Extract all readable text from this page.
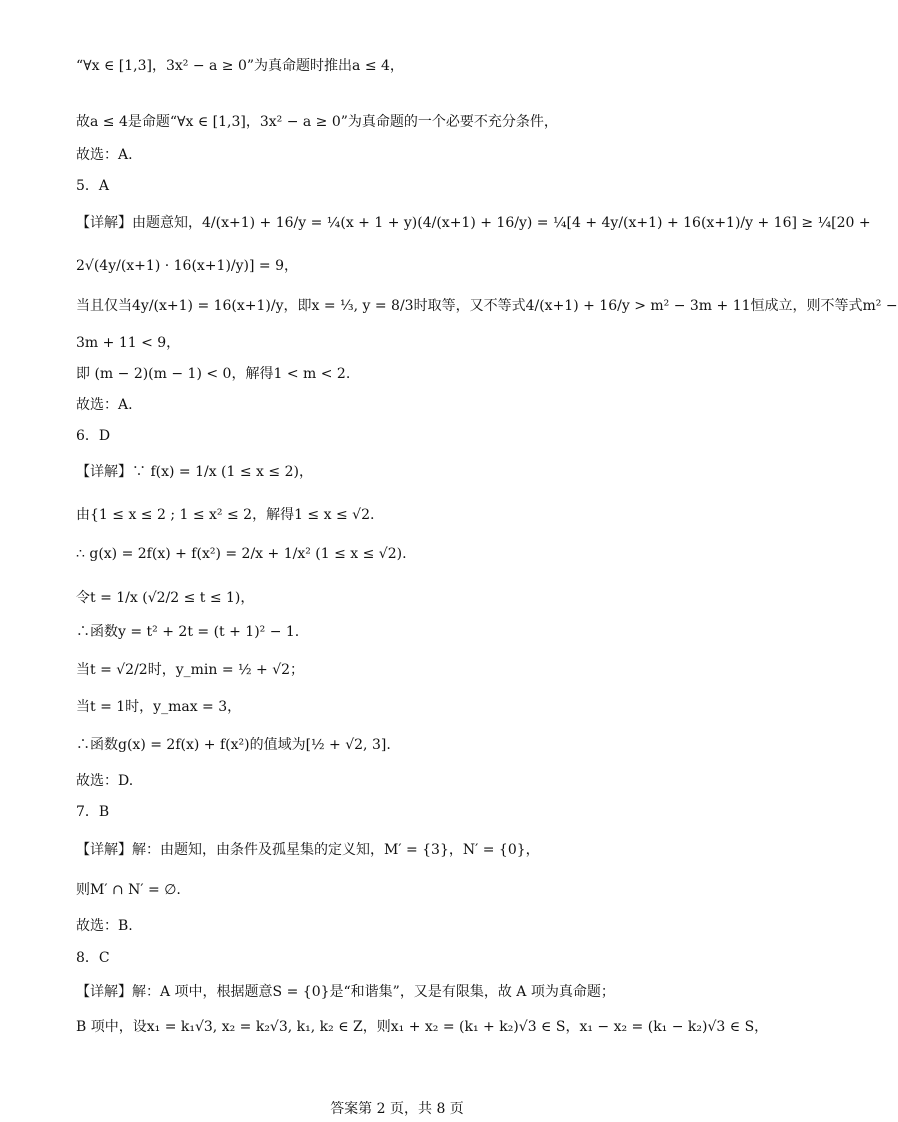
“∀x ∈ [1,3]，3x² − a ≥ 0”为真命题时推出a ≤ 4，
故a ≤ 4是命题“∀x ∈ [1,3]，3x² − a ≥ 0”为真命题的一个必要不充分条件，
故选：A.
5．A
【详解】由题意知，4/(x+1) + 16/y = ¼(x + 1 + y)(4/(x+1) + 16/y) = ¼[4 + 4y/(x+1) + 16(x+1)/y + 16] ≥ ¼[20 +
2√(4y/(x+1) · 16(x+1)/y)] = 9，
当且仅当4y/(x+1) = 16(x+1)/y，即x = ⅓, y = 8/3时取等，又不等式4/(x+1) + 16/y > m² − 3m + 11恒成立，则不等式m² −
3m + 11 < 9，
即 (m − 2)(m − 1) < 0，解得1 < m < 2.
故选：A.
6．D
【详解】∵ f(x) = 1/x (1 ≤ x ≤ 2)，
由{1 ≤ x ≤ 2 ; 1 ≤ x² ≤ 2，解得1 ≤ x ≤ √2.
∴ g(x) = 2f(x) + f(x²) = 2/x + 1/x² (1 ≤ x ≤ √2).
令t = 1/x (√2/2 ≤ t ≤ 1)，
∴函数y = t² + 2t = (t + 1)² − 1.
当t = √2/2时，y_min = ½ + √2；
当t = 1时，y_max = 3，
∴函数g(x) = 2f(x) + f(x²)的值域为[½ + √2, 3].
故选：D.
7．B
【详解】解：由题知，由条件及孤星集的定义知，M′ = {3}，N′ = {0}，
则M′ ∩ N′ = ∅.
故选：B.
8．C
【详解】解：A 项中，根据题意S = {0}是“和谐集”，又是有限集，故 A 项为真命题；
B 项中，设x₁ = k₁√3, x₂ = k₂√3, k₁, k₂ ∈ Z，则x₁ + x₂ = (k₁ + k₂)√3 ∈ S，x₁ − x₂ = (k₁ − k₂)√3 ∈ S，
答案第 2 页，共 8 页
